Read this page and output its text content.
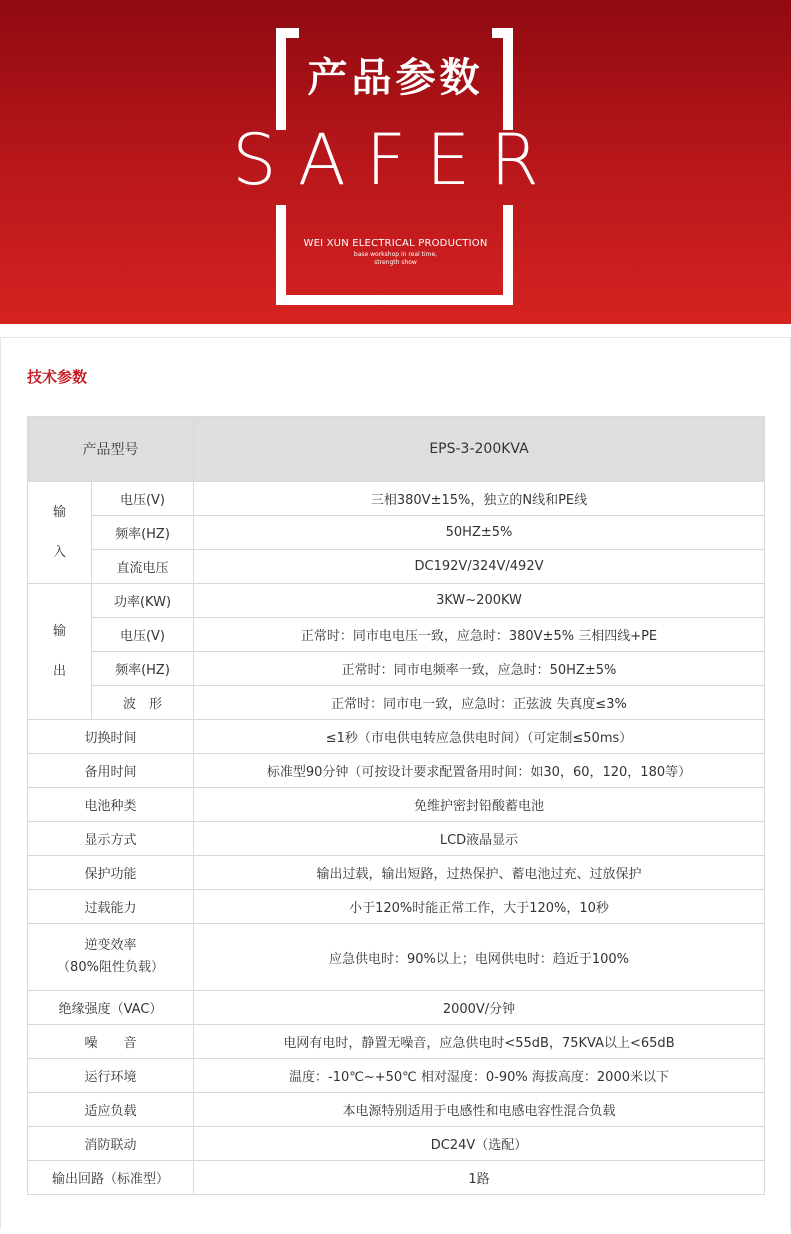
产品参数
SAFER
WEI XUN ELECTRICAL PRODUCTION
base workshop in real time,
strength show
技术参数
产品型号		EPS-3-200KVA
输
入	电压(V)	三相380V±15%，独立的N线和PE线
	频率(HZ)	50HZ±5%
	直流电压	DC192V/324V/492V
输
出	功率(KW)	3KW~200KW
	电压(V)	正常时：同市电电压一致，应急时：380V±5% 三相四线+PE
	频率(HZ)	正常时：同市电频率一致，应急时：50HZ±5%
	波　形	正常时：同市电一致，应急时：正弦波 失真度≤3%
切换时间		≤1秒（市电供电转应急供电时间）（可定制≤50ms）
备用时间		标准型90分钟（可按设计要求配置备用时间：如30，60，120，180等）
电池种类		免维护密封铅酸蓄电池
显示方式		LCD液晶显示
保护功能		输出过载，输出短路，过热保护、蓄电池过充、过放保护
过载能力		小于120%时能正常工作，大于120%，10秒
逆变效率
（80%阻性负载）		应急供电时：90%以上；电网供电时：趋近于100%
绝缘强度（VAC）		2000V/分钟
噪　　音		电网有电时，静置无噪音，应急供电时<55dB，75KVA以上<65dB
运行环境		温度：-10℃~+50℃ 相对湿度：0-90% 海拔高度：2000米以下
适应负载		本电源特别适用于电感性和电感电容性混合负载
消防联动		DC24V（选配）
输出回路（标准型）		1路
